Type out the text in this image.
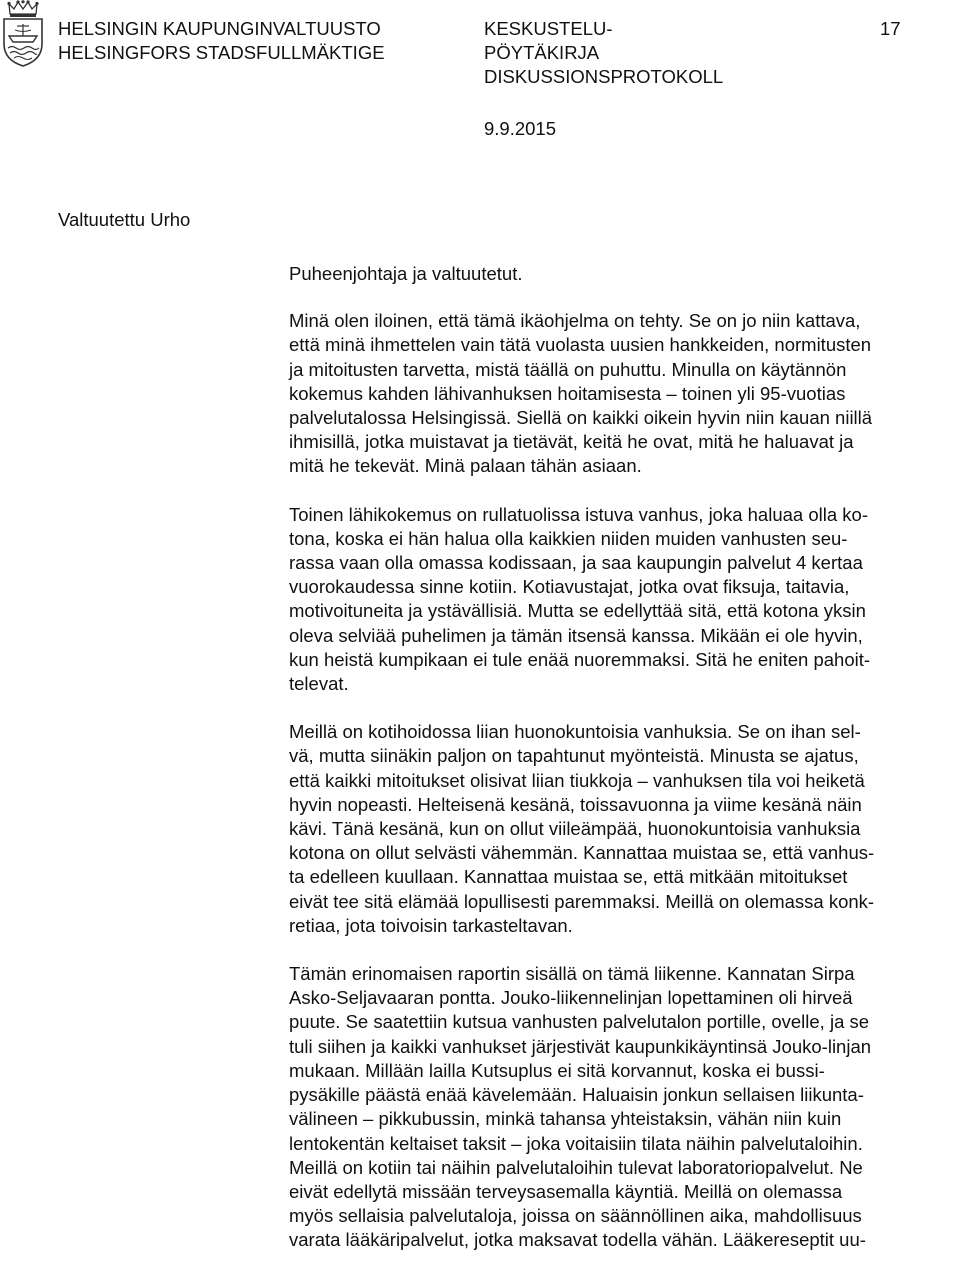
HELSINGIN KAUPUNGINVALTUUSTO
HELSINGFORS STADSFULLMÄKTIGE
KESKUSTELU-
PÖYTÄKIRJA
DISKUSSIONSPROTOKOLL
9.9.2015
17
Valtuutettu Urho

Puheenjohtaja ja valtuutetut.

Minä olen iloinen, että tämä ikäohjelma on tehty. Se on jo niin kattava,
että minä ihmettelen vain tätä vuolasta uusien hankkeiden, normitusten
ja mitoitusten tarvetta, mistä täällä on puhuttu. Minulla on käytännön
kokemus kahden lähivanhuksen hoitamisesta – toinen yli 95-vuotias
palvelutalossa Helsingissä. Siellä on kaikki oikein hyvin niin kauan niillä
ihmisillä, jotka muistavat ja tietävät, keitä he ovat, mitä he haluavat ja
mitä he tekevät. Minä palaan tähän asiaan.

Toinen lähikokemus on rullatuolissa istuva vanhus, joka haluaa olla ko-
tona, koska ei hän halua olla kaikkien niiden muiden vanhusten seu-
rassa vaan olla omassa kodissaan, ja saa kaupungin palvelut 4 kertaa
vuorokaudessa sinne kotiin. Kotiavustajat, jotka ovat fiksuja, taitavia,
motivoituneita ja ystävällisiä. Mutta se edellyttää sitä, että kotona yksin
oleva selviää puhelimen ja tämän itsensä kanssa. Mikään ei ole hyvin,
kun heistä kumpikaan ei tule enää nuoremmaksi. Sitä he eniten pahoit-
televat.

Meillä on kotihoidossa liian huonokuntoisia vanhuksia. Se on ihan sel-
vä, mutta siinäkin paljon on tapahtunut myönteistä. Minusta se ajatus,
että kaikki mitoitukset olisivat liian tiukkoja – vanhuksen tila voi heiketä
hyvin nopeasti. Helteisenä kesänä, toissavuonna ja viime kesänä näin
kävi. Tänä kesänä, kun on ollut viileämpää, huonokuntoisia vanhuksia
kotona on ollut selvästi vähemmän. Kannattaa muistaa se, että vanhus-
ta edelleen kuullaan. Kannattaa muistaa se, että mitkään mitoitukset
eivät tee sitä elämää lopullisesti paremmaksi. Meillä on olemassa konk-
retiaa, jota toivoisin tarkasteltavan.

Tämän erinomaisen raportin sisällä on tämä liikenne. Kannatan Sirpa
Asko-Seljavaaran pontta. Jouko-liikennelinjan lopettaminen oli hirveä
puute. Se saatettiin kutsua vanhusten palvelutalon portille, ovelle, ja se
tuli siihen ja kaikki vanhukset järjestivät kaupunkikäyntinsä Jouko-linjan
mukaan. Millään lailla Kutsuplus ei sitä korvannut, koska ei bussi-
pysäkille päästä enää kävelemään. Haluaisin jonkun sellaisen liikunta-
välineen – pikkubussin, minkä tahansa yhteistaksin, vähän niin kuin
lentokentän keltaiset taksit – joka voitaisiin tilata näihin palvelutaloihin.
Meillä on kotiin tai näihin palvelutaloihin tulevat laboratoriopalvelut. Ne
eivät edellytä missään terveysasemalla käyntiä. Meillä on olemassa
myös sellaisia palvelutaloja, joissa on säännöllinen aika, mahdollisuus
varata lääkäripalvelut, jotka maksavat todella vähän. Lääkereseptit uu-
